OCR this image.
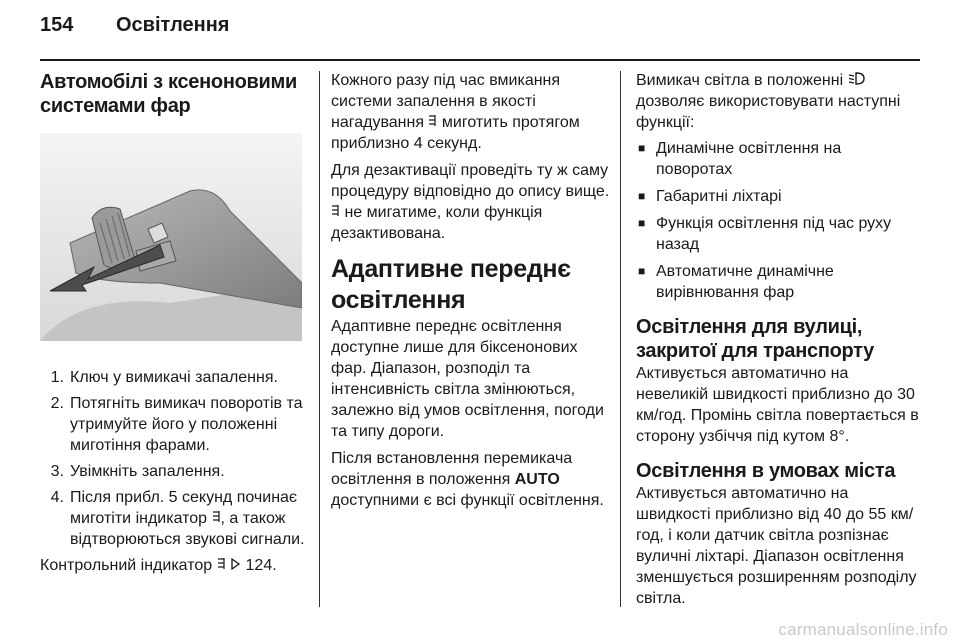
154 Освітлення
Автомобілі з ксеноновими системами фар
1. Ключ у вимикачі запалення.
2. Потягніть вимикач поворотів та утримуйте його у положенні миготіння фарами.
3. Увімкніть запалення.
4. Після прибл. 5 секунд починає миготіти індикатор , а також відтворюються звукові сигнали.

Контрольний індикатор   124.

Кожного разу під час вмикання системи запалення в якості нагадування  миготить протягом приблизно 4 секунд.

Для дезактивації проведіть ту ж саму процедуру відповідно до опису вище.  не мигатиме, коли функція дезактивована.

Адаптивне переднє освітлення

Адаптивне переднє освітлення доступне лише для біксенонових фар. Діапазон, розподіл та інтенсивність світла змінюються, залежно від умов освітлення, погоди та типу дороги.

Після встановлення перемикача освітлення в положення AUTO доступними є всі функції освітлення.

Вимикач світла в положенні  дозволяє використовувати наступні функції:

■ Динамічне освітлення на поворотах
■ Габаритні ліхтарі
■ Функція освітлення під час руху назад
■ Автоматичне динамічне вирівнювання фар
Освітлення для вулиці, закритої для транспорту

Активується автоматично на невеликій швидкості приблизно до 30 км/год. Промінь світла повертається в сторону узбіччя під кутом 8°.

Освітлення в умовах міста

Активується автоматично на швидкості приблизно від 40 до 55 км/год, і коли датчик світла розпізнає вуличні ліхтарі. Діапазон освітлення зменшується розширенням розподілу світла.

carmanualsonline.info
